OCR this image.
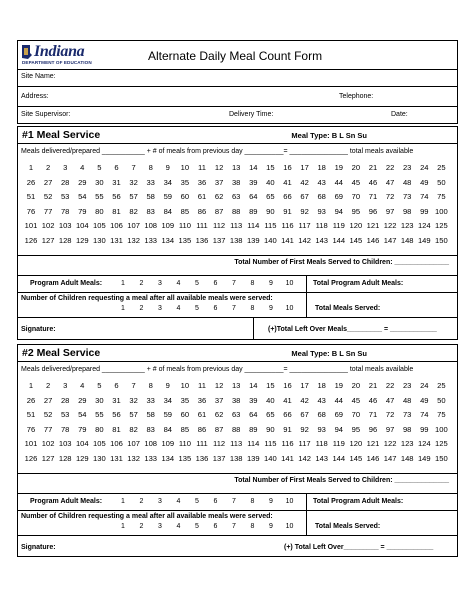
Indiana
DEPARTMENT OF EDUCATION	Alternate Daily Meal Count Form
Site Name:
Address:	Telephone:
Site Supervisor:	Delivery Time:	Date:
#1 Meal Service	Meal Type: B L Sn Su
Meals delivered/prepared ___________ + # of meals from previous day __________= _______________ total meals available
1	2	3	4	5	6	7	8	9	10	11	12	13	14	15	16	17	18	19	20	21	22	23	24	25
26	27	28	29	30	31	32	33	34	35	36	37	38	39	40	41	42	43	44	45	46	47	48	49	50
51	52	53	54	55	56	57	58	59	60	61	62	63	64	65	66	67	68	69	70	71	72	73	74	75
76	77	78	79	80	81	82	83	84	85	86	87	88	89	90	91	92	93	94	95	96	97	98	99 100
101 102 103 104 105 106 107 108 109 110 111 112 113 114 115 116 117 118 119 120 121 122 123 124 125
126 127 128 129 130 131 132 133 134 135 136 137 138 139 140 141 142 143 144 145 146 147 148 149 150
Total Number of First Meals Served to Children: ______________
Program Adult Meals:	Total Program Adult Meals:
1	2	3	4	5	6	7	8	9	10
Number of Children requesting a meal after all available meals were served:
Total Meals Served:
1	2	3	4	5	6	7	8	9	10
Signature:	(+)Total Left Over Meals_________ = ____________
#2 Meal Service	Meal Type: B L Sn Su
Meals delivered/prepared ___________ + # of meals from previous day __________= _______________ total meals available
1	2	3	4	5	6	7	8	9	10	11	12	13	14	15	16	17	18	19	20	21	22	23	24	25
26	27	28	29	30	31	32	33	34	35	36	37	38	39	40	41	42	43	44	45	46	47	48	49	50
51	52	53	54	55	56	57	58	59	60	61	62	63	64	65	66	67	68	69	70	71	72	73	74	75
76	77	78	79	80	81	82	83	84	85	86	87	88	89	90	91	92	93	94	95	96	97	98	99 100
101 102 103 104 105 106 107 108 109 110 111 112 113 114 115 116 117 118 119 120 121 122 123 124 125
126 127 128 129 130 131 132 133 134 135 136 137 138 139 140 141 142 143 144 145 146 147 148 149 150
Total Number of First Meals Served to Children: ______________
Program Adult Meals:	Total Program Adult Meals:
1	2	3	4	5	6	7	8	9	10
Number of Children requesting a meal after all available meals were served:
Total Meals Served:
1	2	3	4	5	6	7	8	9	10
Signature:	(+) Total Left Over_________ = ____________
